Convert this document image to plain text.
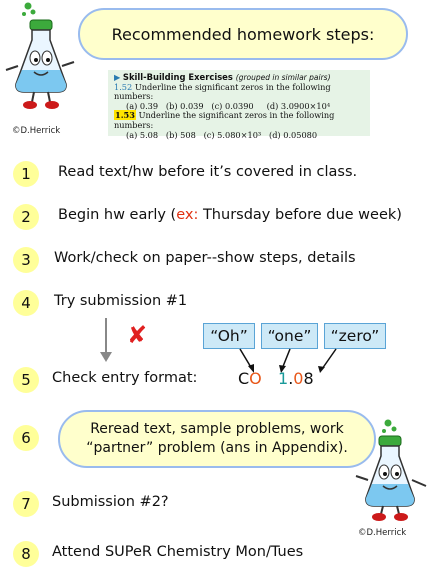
©D.Herrick
Recommended homework steps:
▶ Skill-Building Exercises (grouped in similar pairs)
1.52 Underline the significant zeros in the following numbers:
(a) 0.39 (b) 0.039 (c) 0.0390 (d) 3.0900×10⁴
1.53 Underline the significant zeros in the following numbers:
(a) 5.08 (b) 508 (c) 5.080×10³ (d) 0.05080
1	Read text/hw before it’s covered in class.
2	Begin hw early (ex: Thursday before due week)
3	Work/check on paper--show steps, details
4	Try submission #1
✘	“Oh”	“one”	“zero”
5	Check entry format:	CO 1.08
6	Reread text, sample problems, work
“partner” problem (ans in Appendix).
©D.Herrick
7	Submission #2?
8	Attend SUPeR Chemistry Mon/Tues
